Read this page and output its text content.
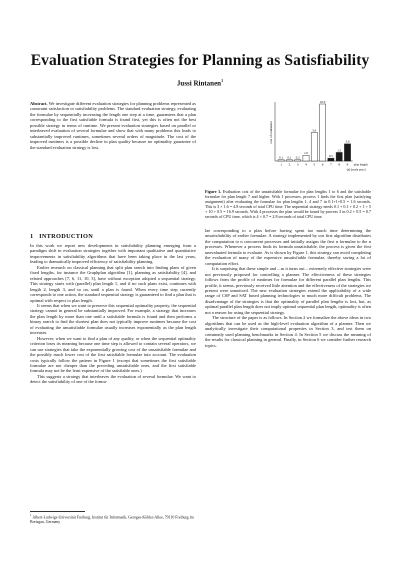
Evaluation Strategies for Planning as Satisfiability
Jussi Rintanen$^1$
Abstract. We investigate different evaluation strategies for planning problems represented as constraint satisfaction or satisfiability problems. The standard evaluation strategy, evaluating the formulae by sequentially increasing the length one step at a time, guarantees that a plan corresponding to the first satisfiable formula is found first, yet this is often not the best possible strategy in terms of runtime. We present evaluation strategies based on parallel or interleaved evaluation of several formulae and show that with many problems this leads to substantially improved runtimes, sometimes several orders of magnitude. The cost of the improved runtimes is a possible decline in plan quality because no optimality guarantee of the standard evaluation strategy is lost.
1 INTRODUCTION

In this work we report new developments in satisfiability planning emerging from a paradigm shift in evaluation strategies together with important qualitative and quantitative improvements in satisfiability algorithms that have been taking place in the last years, leading to dramatically improved efficiency of satisfiability planning.

Earlier research on classical planning that split plan search into finding plans of given fixed lengths, for instance the Graphplan algorithm [1], planning as satisfiability [4], and related approaches [7, 6, 11, 10, 3], have without exception adopted a sequential strategy. This strategy starts with (parallel) plan length 1, and if no such plans exist, continues with length 2, length 3, and so on, until a plan is found. When every time step currently corresponds to one action, the standard sequential strategy is guaranteed to find a plan that is optimal with respect to plan length.

It seems that when we want to preserve this sequential optimality property, the sequential strategy cannot in general be substantially improved. For example, a strategy that increases the plan length by more than one until a satisfiable formula is found and then performs a binary search to find the shortest plan does not typically improve runtimes because the cost of evaluating the unsatisfiable formulae usually increases exponentially as the plan length increases.

However, when we want to find a plan of any quality, or when the sequential optimality criterion loses its meaning because one time step is allowed to contain several operators, we can use strategies that take the exponentially growing cost of the unsatisfiable formulae and the possibly much lower cost of the first satisfiable formulae into account. The evaluation costs typically follow the pattern in Figure 1 (except that sometimes the first satisfiable formulae are not cheaper than the preceding unsatisfiable ones, and the first satisfiable formula may not be the least expensive of the satisfiable ones.)

This suggests a strategy that interleaves the evaluation of several formulae. We want to detect the satisfiability of one of the formu-

$^1$ Albert-Ludwigs-Universität Freiburg, Institut für Informatik, Georges-Köhler-Allee, 79110 Freiburg im Breisgau, Germany
cost of evaluation
0.1
1
0.1
2
0.2
3
1.0
4
5.0
5
10.0
6
0.5
7
1.5
8
3.0
9 plan length
(n) (early proc)
Figure 1. Evaluation cost of the unsatisfiable formulae for plan lengths 1 to 6 and the satisfiable formulae for plan length 7 and higher. With 1 processes, process 1 finds the first plan (satisfying assignment) after evaluating the formulae for plan lengths 1, 4 and 7 in 0.1+1+0.5 = 1.6 seconds. This is 3 × 1.6 = 4.8 seconds of total CPU time. The sequential strategy needs 0.1 + 0.1 + 0.2 + 1 + 5 + 10 + 0.5 = 16.9 seconds. With 4 processes the plan would be found by process 3 in 0.2 + 0.5 = 0.7 seconds of CPU time, which is 4 × 0.7 = 2.8 seconds of total CPU time.

lae corresponding to a plan before having spent too much time determining the unsatisfiability of earlier formulae. A strategy implemented by our first algorithm distributes the computation to n concurrent processes and initially assigns the first n formulae to the n processes. Whenever a process finds its formula unsatisfiable, the process is given the first unevaluated formula to evaluate. As is shown by Figure 1, this strategy can avoid completing the evaluation of many of the expensive unsatisfiable formulae, thereby saving a lot of computation effort.

It is surprising that these simple and – as it turns out – extremely effective strategies were not previously proposed for controlling a planner. The effectiveness of these strategies follows from the profile of runtimes for formulae for different parallel plan lengths. This profile, it seems, previously received little attention and the effectiveness of the strategies we present were unnoticed. The new evaluation strategies extend the applicability of a wide range of CSP and SAT based planning technologies to much more difficult problems. The disadvantage of the strategies is that the optimality of parallel plan lengths is lost, but, as optimal parallel plan length does not imply optimal sequential plan length, optimality is often not a reason for using the sequential strategy.

The structure of the paper is as follows. In Section 2 we formalize the above ideas in two algorithms that can be used as the high-level evaluation algorithm of a planner. Then we analytically investigate their computational properties in Section 3, and test them on commonly used planning benchmarks in Section 4. In Section 5 we discuss the meaning of the results for classical planning in general. Finally, in Section 6 we consider further research topics.
